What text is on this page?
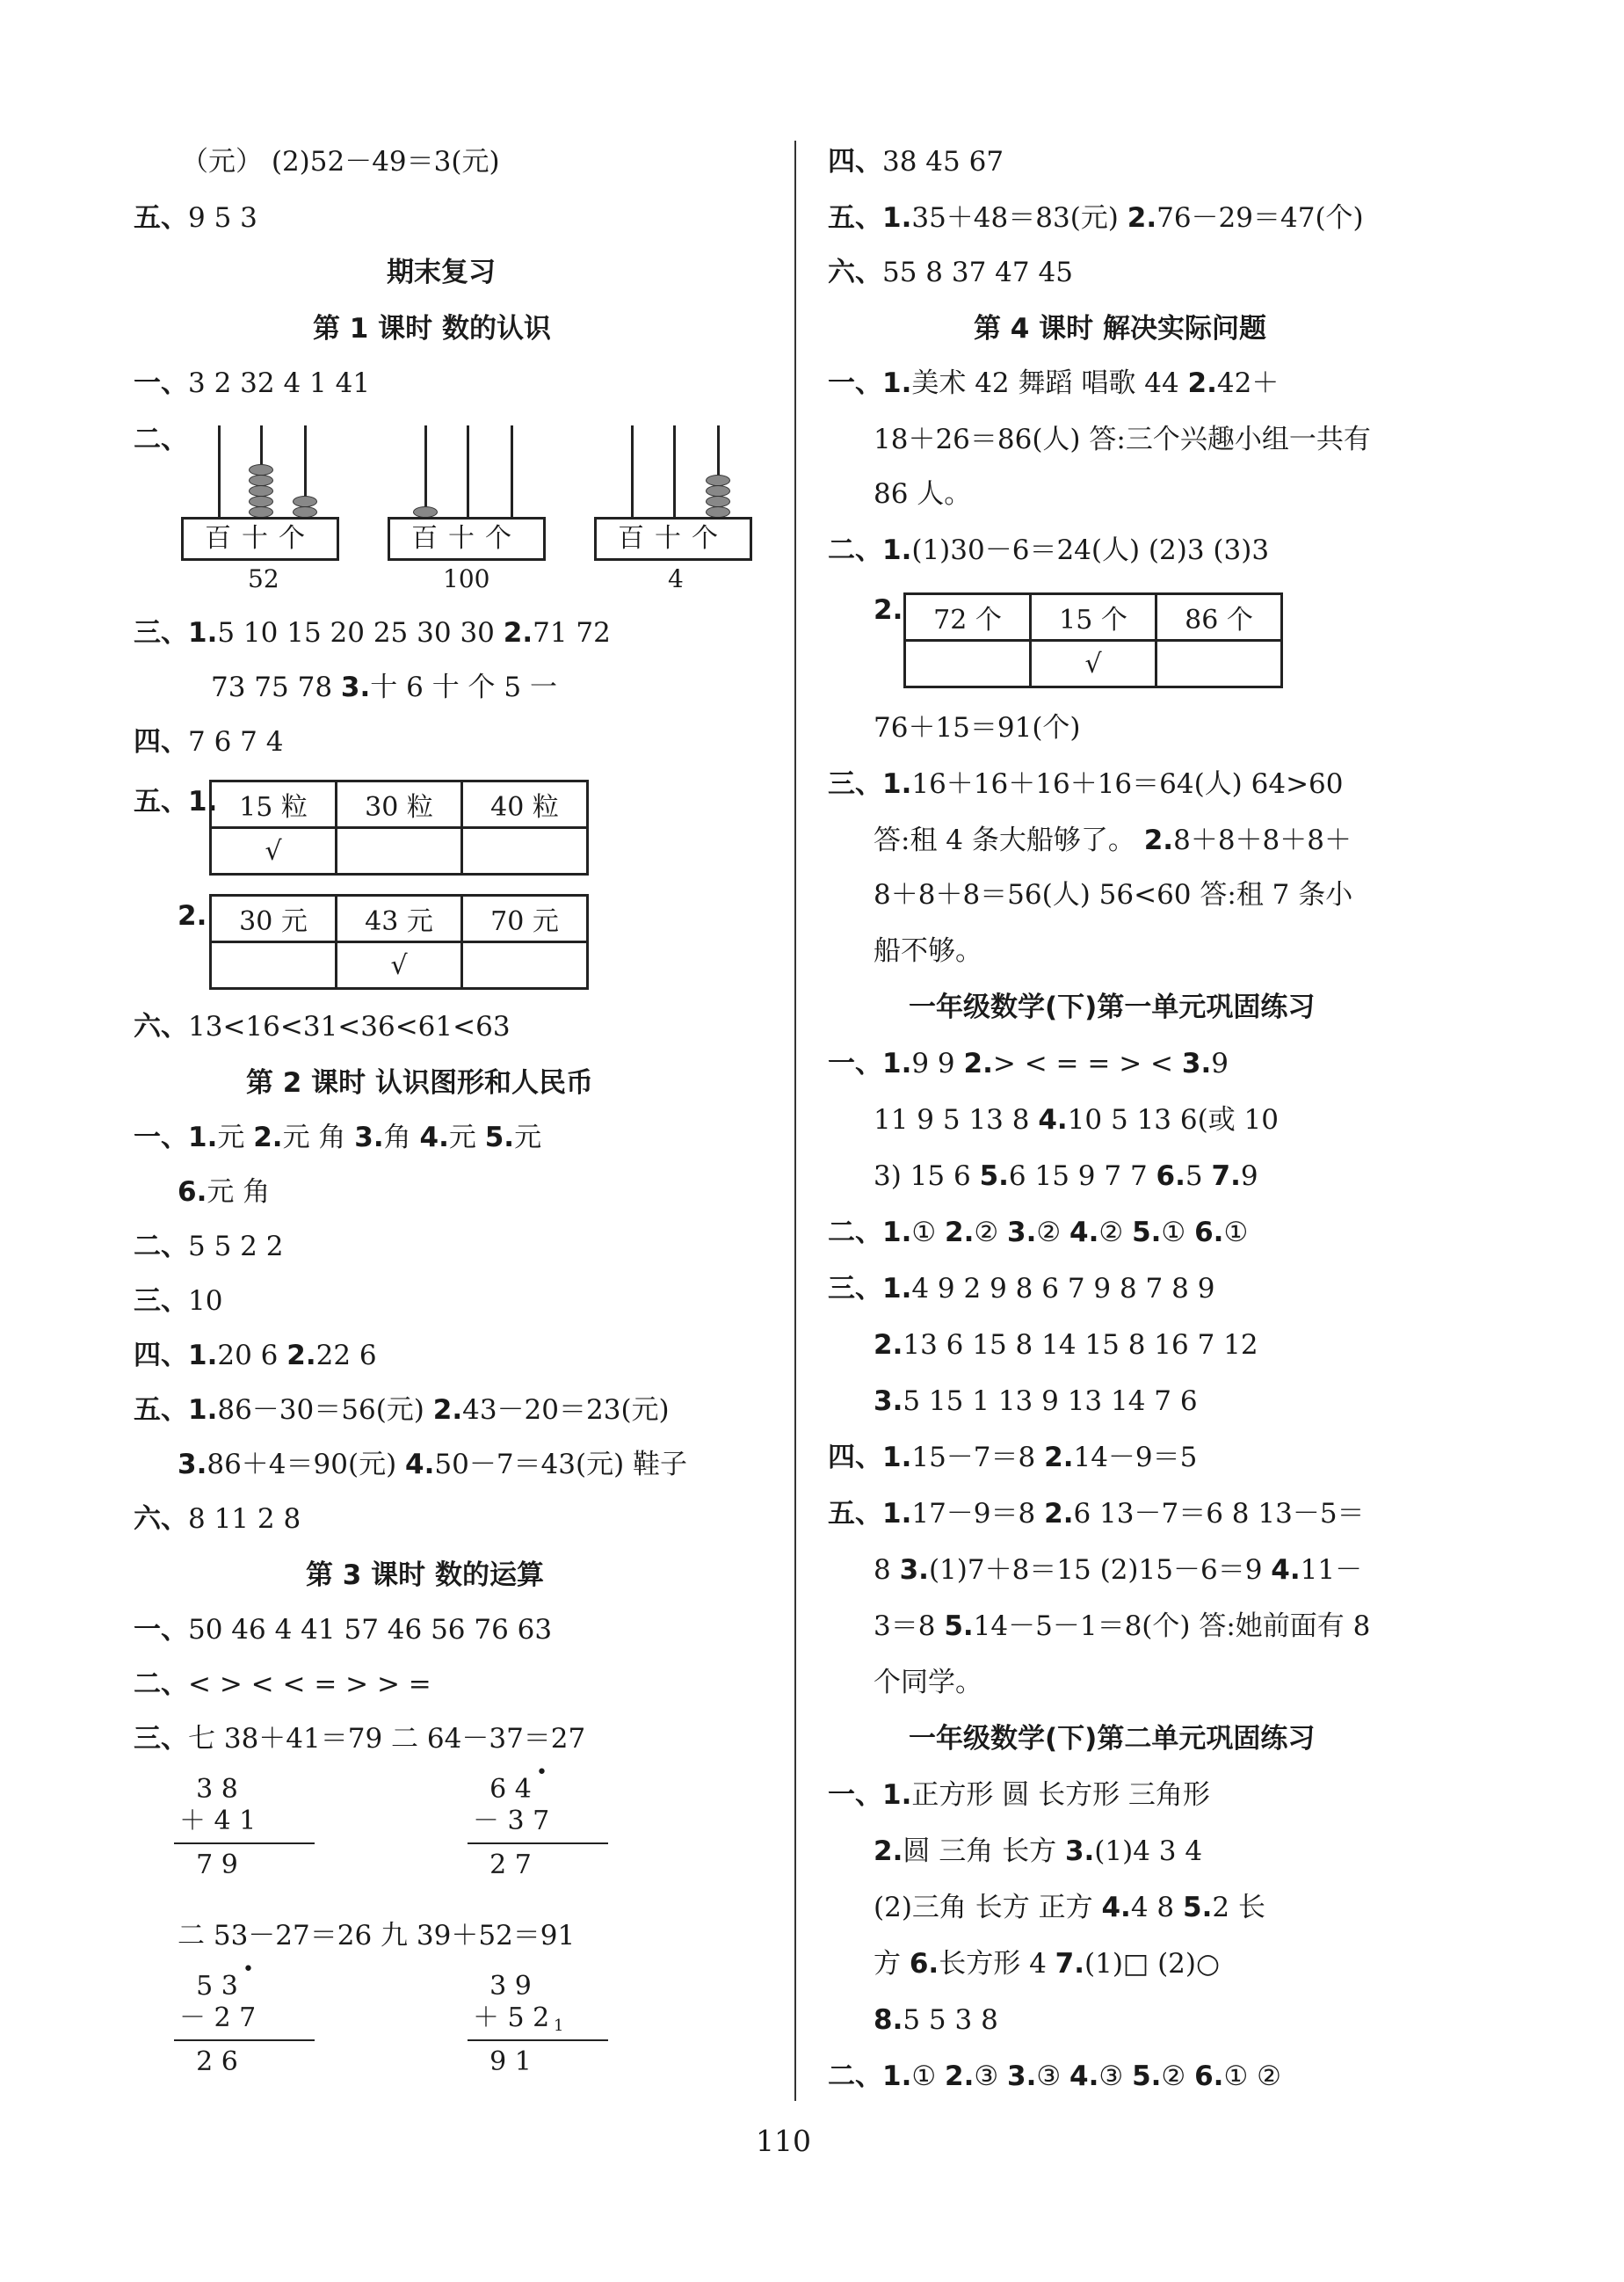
（元） (2)52－49＝3(元)
五、9 5 3
期末复习
第 1 课时 数的认识
一、3 2 32 4 1 41
二、
百十个
52
百十个
100
百十个
4
三、1.5 10 15 20 25 30 30 2.71 72
73 75 78 3.十 6 十 个 5 一
四、7 6 7 4
五、1. 15 粒	30 粒	40 粒
√		
2. 30 元	43 元	70 元
	√	
六、13<16<31<36<61<63
第 2 课时 认识图形和人民币
一、1.元 2.元 角 3.角 4.元 5.元
6.元 角
二、5 5 2 2
三、10
四、1.20 6 2.22 6
五、1.86－30＝56(元) 2.43－20＝23(元)
3.86＋4＝90(元) 4.50－7＝43(元) 鞋子
六、8 11 2 8
第 3 课时 数的运算
一、50 46 4 41 57 46 56 76 63
二、< > < < = > > =
三、七 38＋41＝79 二 64－37＝27
3 8
＋ 4 1
7 9
•
6 4
－ 3 7
2 7
二 53－27＝26 九 39＋52＝91
•
5 3
－ 2 7
2 6
3 9
＋ 5 2 1
9 1
四、38 45 67
五、1.35＋48＝83(元) 2.76－29＝47(个)
六、55 8 37 47 45
第 4 课时 解决实际问题
一、1.美术 42 舞蹈 唱歌 44 2.42＋
18＋26＝86(人) 答:三个兴趣小组一共有
86 人。
二、1.(1)30－6＝24(人) (2)3 (3)3
2. 72 个	15 个	86 个
	√	
76＋15＝91(个)
三、1.16＋16＋16＋16＝64(人) 64>60
答:租 4 条大船够了。 2.8＋8＋8＋8＋
8＋8＋8＝56(人) 56<60 答:租 7 条小
船不够。
一年级数学(下)第一单元巩固练习
一、1.9 9 2.> < = = > < 3.9
11 9 5 13 8 4.10 5 13 6(或 10
3) 15 6 5.6 15 9 7 7 6.5 7.9
二、1.① 2.② 3.② 4.② 5.① 6.①
三、1.4 9 2 9 8 6 7 9 8 7 8 9
2.13 6 15 8 14 15 8 16 7 12
3.5 15 1 13 9 13 14 7 6
四、1.15－7＝8 2.14－9＝5
五、1.17－9＝8 2.6 13－7＝6 8 13－5＝
8 3.(1)7＋8＝15 (2)15－6＝9 4.11－
3＝8 5.14－5－1＝8(个) 答:她前面有 8
个同学。
一年级数学(下)第二单元巩固练习
一、1.正方形 圆 长方形 三角形
2.圆 三角 长方 3.(1)4 3 4
(2)三角 长方 正方 4.4 8 5.2 长
方 6.长方形 4 7.(1)□ (2)○
8.5 5 3 8
二、1.① 2.③ 3.③ 4.③ 5.② 6.① ②
110
